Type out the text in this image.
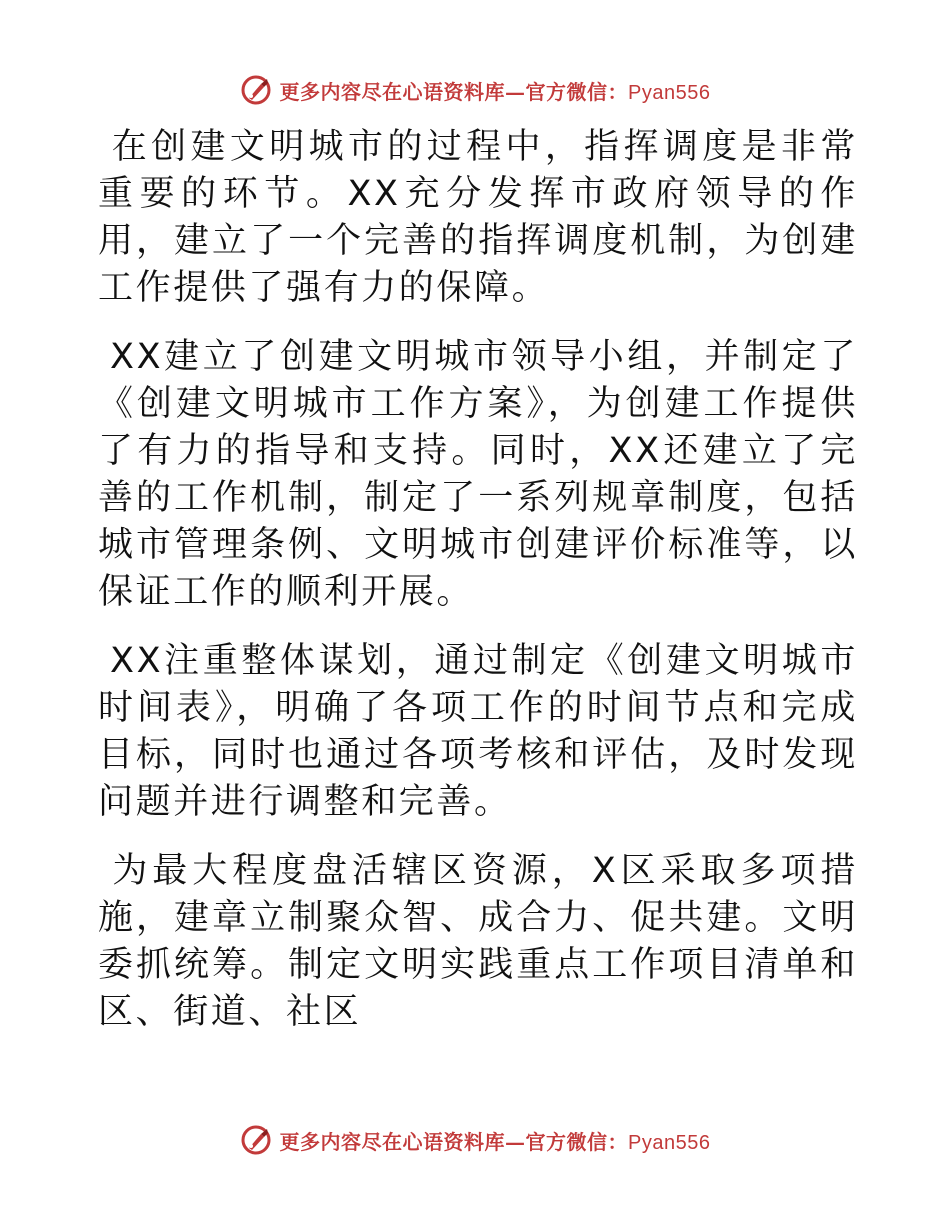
更多内容尽在心语资料库—官方微信：Pyan556

在创建文明城市的过程中，指挥调度是非常重要的环节。XX充分发挥市政府领导的作用，建立了一个完善的指挥调度机制，为创建工作提供了强有力的保障。

XX建立了创建文明城市领导小组，并制定了《创建文明城市工作方案》，为创建工作提供了有力的指导和支持。同时，XX还建立了完善的工作机制，制定了一系列规章制度，包括城市管理条例、文明城市创建评价标准等，以保证工作的顺利开展。

XX注重整体谋划，通过制定《创建文明城市时间表》，明确了各项工作的时间节点和完成目标，同时也通过各项考核和评估，及时发现问题并进行调整和完善。

为最大程度盘活辖区资源，X区采取多项措施，建章立制聚众智、成合力、促共建。文明委抓统筹。制定文明实践重点工作项目清单和区、街道、社区

更多内容尽在心语资料库—官方微信：Pyan556
